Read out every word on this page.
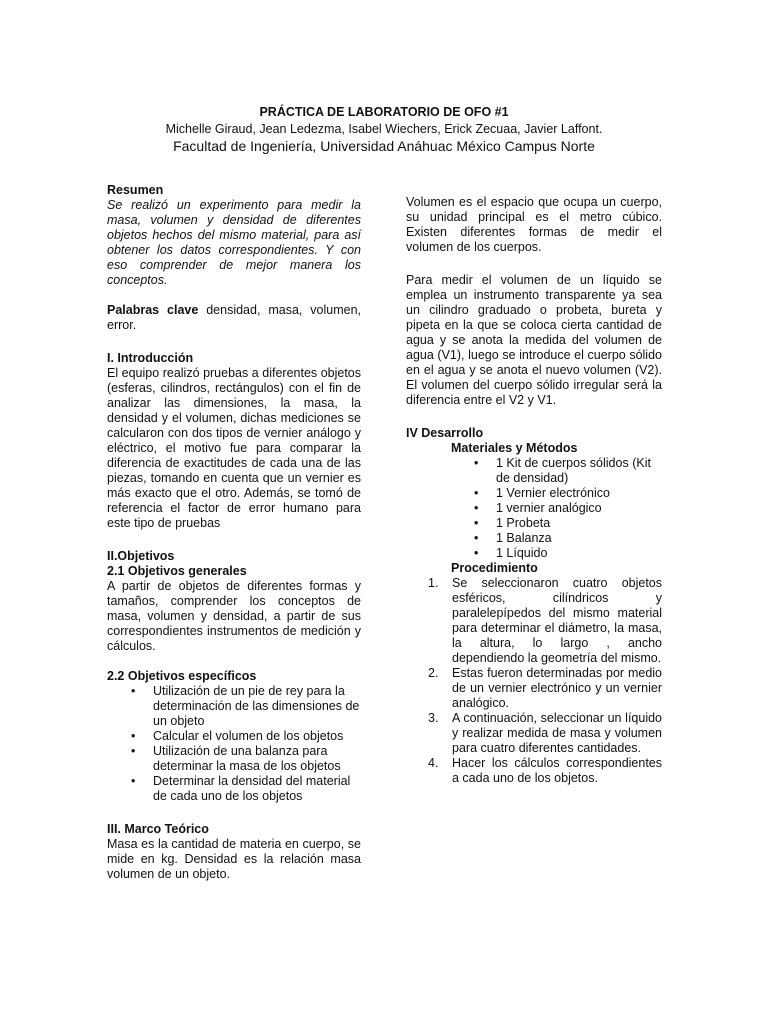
PRÁCTICA DE LABORATORIO DE OFO #1

Michelle Giraud, Jean Ledezma, Isabel Wiechers, Erick Zecuaa, Javier Laffont.

Facultad de Ingeniería, Universidad Anáhuac México Campus Norte

Resumen

Se realizó un experimento para medir la masa, volumen y densidad de diferentes objetos hechos del mismo material, para así obtener los datos correspondientes. Y con eso comprender de mejor manera los conceptos.

Palabras clave densidad, masa, volumen, error.

I. Introducción

El equipo realizó pruebas a diferentes objetos (esferas, cilindros, rectángulos) con el fin de analizar las dimensiones, la masa, la densidad y el volumen, dichas mediciones se calcularon con dos tipos de vernier análogo y eléctrico, el motivo fue para comparar la diferencia de exactitudes de cada una de las piezas, tomando en cuenta que un vernier es más exacto que el otro. Además, se tomó de referencia el factor de error humano para este tipo de pruebas

II.Objetivos

2.1 Objetivos generales

A partir de objetos de diferentes formas y tamaños, comprender los conceptos de masa, volumen y densidad, a partir de sus correspondientes instrumentos de medición y cálculos.

2.2 Objetivos específicos

• Utilización de un pie de rey para la determinación de las dimensiones de un objeto
• Calcular el volumen de los objetos
• Utilización de una balanza para determinar la masa de los objetos
• Determinar la densidad del material de cada uno de los objetos

III. Marco Teórico

Masa es la cantidad de materia en cuerpo, se mide en kg. Densidad es la relación masa volumen de un objeto.

Volumen es el espacio que ocupa un cuerpo, su unidad principal es el metro cúbico. Existen diferentes formas de medir el volumen de los cuerpos.

Para medir el volumen de un líquido se emplea un instrumento transparente ya sea un cilindro graduado o probeta, bureta y pipeta en la que se coloca cierta cantidad de agua y se anota la medida del volumen de agua (V1), luego se introduce el cuerpo sólido en el agua y se anota el nuevo volumen (V2). El volumen del cuerpo sólido irregular será la diferencia entre el V2 y V1.

IV Desarrollo

Materiales y Métodos

• 1 Kit de cuerpos sólidos (Kit de densidad)
• 1 Vernier electrónico
• 1 vernier analógico
• 1 Probeta
• 1 Balanza
• 1 Líquido

Procedimiento

1. Se seleccionaron cuatro objetos esféricos, cilíndricos y paralelepípedos del mismo material para determinar el diámetro, la masa, la altura, lo largo , ancho dependiendo la geometría del mismo.
2. Estas fueron determinadas por medio de un vernier electrónico y un vernier analógico.
3. A continuación, seleccionar un líquido y realizar medida de masa y volumen para cuatro diferentes cantidades.
4. Hacer los cálculos correspondientes a cada uno de los objetos.
